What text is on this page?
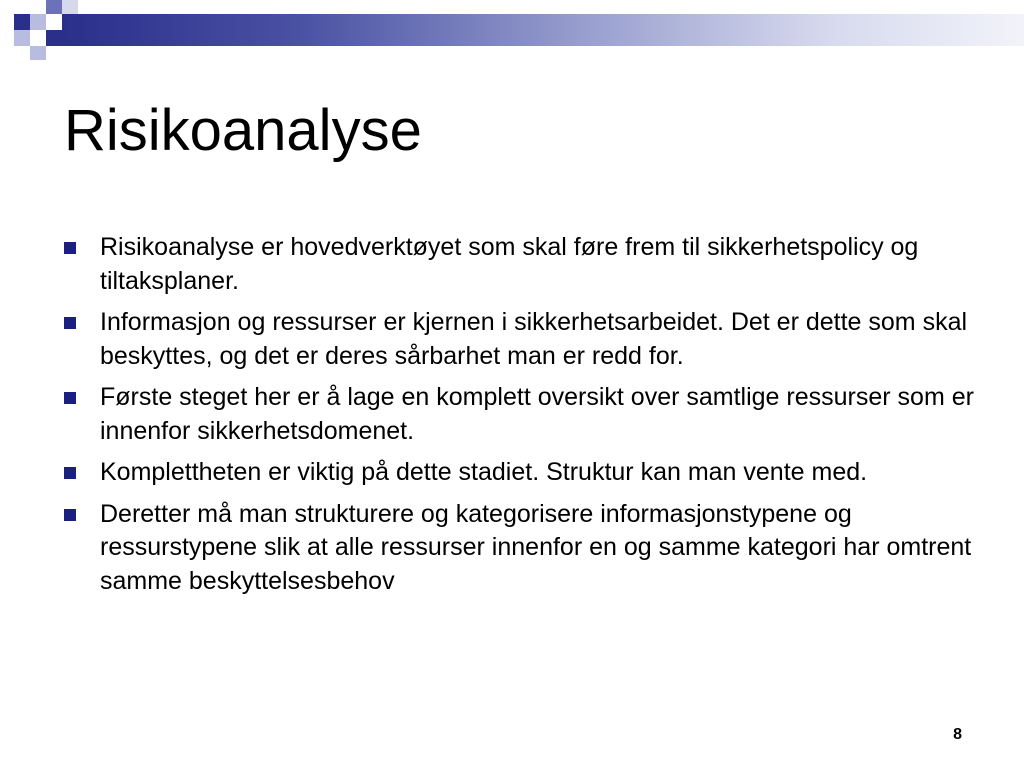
Risikoanalyse
Risikoanalyse er hovedverktøyet som skal føre frem til sikkerhetspolicy og tiltaksplaner.
Informasjon og ressurser er kjernen i sikkerhetsarbeidet. Det er dette som skal beskyttes, og det er deres sårbarhet man er redd for.
Første steget her er å lage en komplett oversikt over samtlige ressurser som er innenfor sikkerhetsdomenet.
Komplettheten er viktig på dette stadiet. Struktur kan man vente med.
Deretter må man strukturere og kategorisere informasjonstypene og ressurstypene slik at alle ressurser innenfor en og samme kategori har omtrent samme beskyttelsesbehov
8
